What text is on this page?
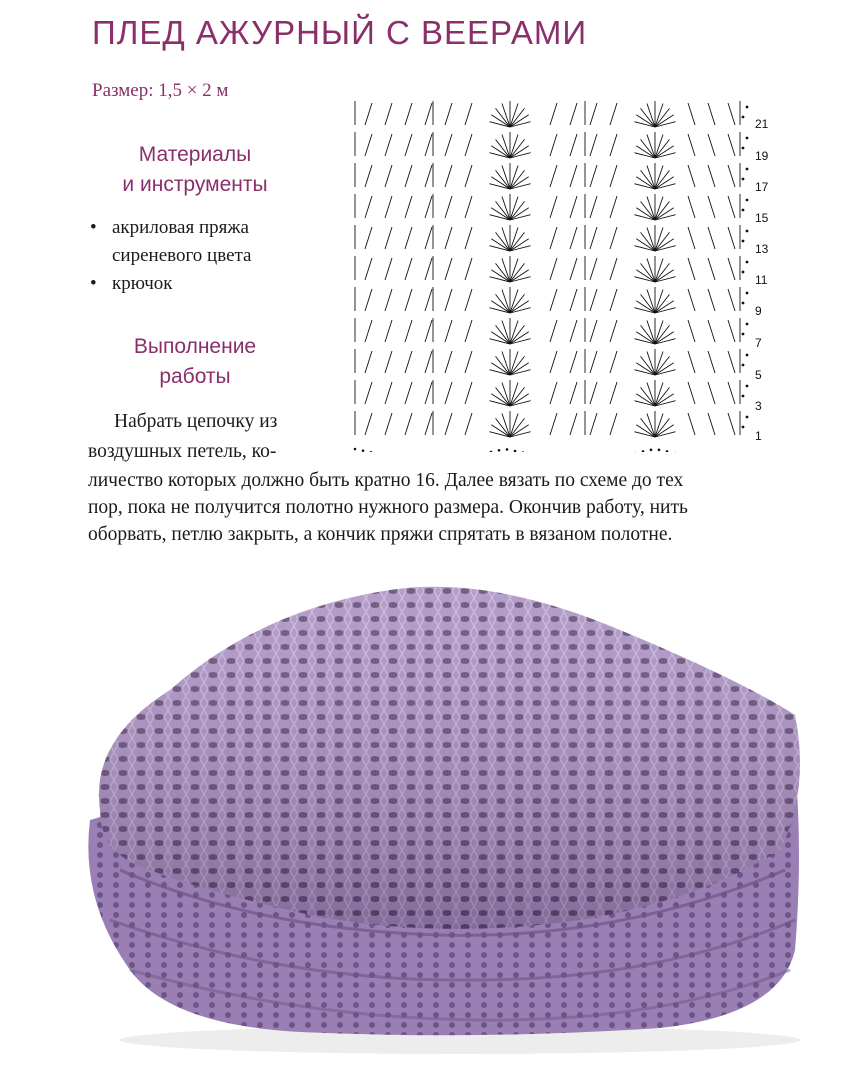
ПЛЕД АЖУРНЫЙ С ВЕЕРАМИ
Размер: 1,5 × 2 м
Материалы
и инструменты
• акриловая пряжа
сиреневого цвета
• крючок
Выполнение
работы
Набрать цепочку из
воздушных петель, ко-
личество которых должно быть кратно 16. Далее вязать по схеме до тех
пор, пока не получится полотно нужного размера. Окончив работу, нить
оборвать, петлю закрыть, а кончик пряжи спрятать в вязаном полотне.
21
19
17
15
13
11
9
7
5
3
1
